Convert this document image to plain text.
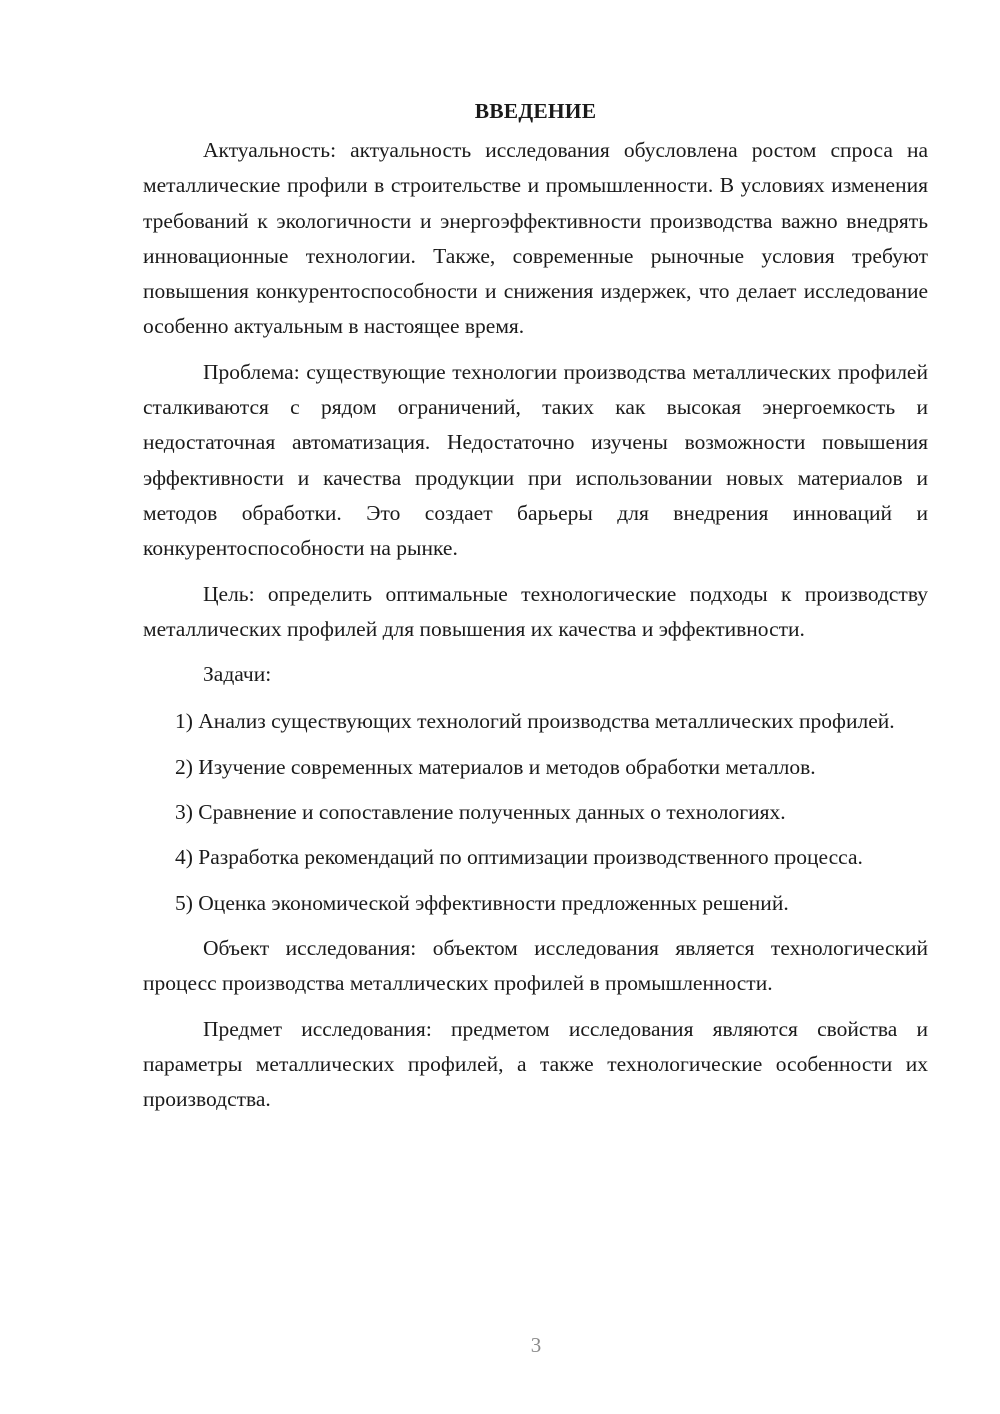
ВВЕДЕНИЕ

Актуальность: актуальность исследования обусловлена ростом спроса на металлические профили в строительстве и промышленности. В условиях изменения требований к экологичности и энергоэффективности производства важно внедрять инновационные технологии. Также, современные рыночные условия требуют повышения конкурентоспособности и снижения издержек, что делает исследование особенно актуальным в настоящее время.

Проблема: существующие технологии производства металлических профилей сталкиваются с рядом ограничений, таких как высокая энергоемкость и недостаточная автоматизация. Недостаточно изучены возможности повышения эффективности и качества продукции при использовании новых материалов и методов обработки. Это создает барьеры для внедрения инноваций и конкурентоспособности на рынке.

Цель: определить оптимальные технологические подходы к производству металлических профилей для повышения их качества и эффективности.

Задачи:

1) Анализ существующих технологий производства металлических профилей.

2) Изучение современных материалов и методов обработки металлов.

3) Сравнение и сопоставление полученных данных о технологиях.

4) Разработка рекомендаций по оптимизации производственного процесса.

5) Оценка экономической эффективности предложенных решений.

Объект исследования: объектом исследования является технологический процесс производства металлических профилей в промышленности.

Предмет исследования: предметом исследования являются свойства и параметры металлических профилей, а также технологические особенности их производства.

3
